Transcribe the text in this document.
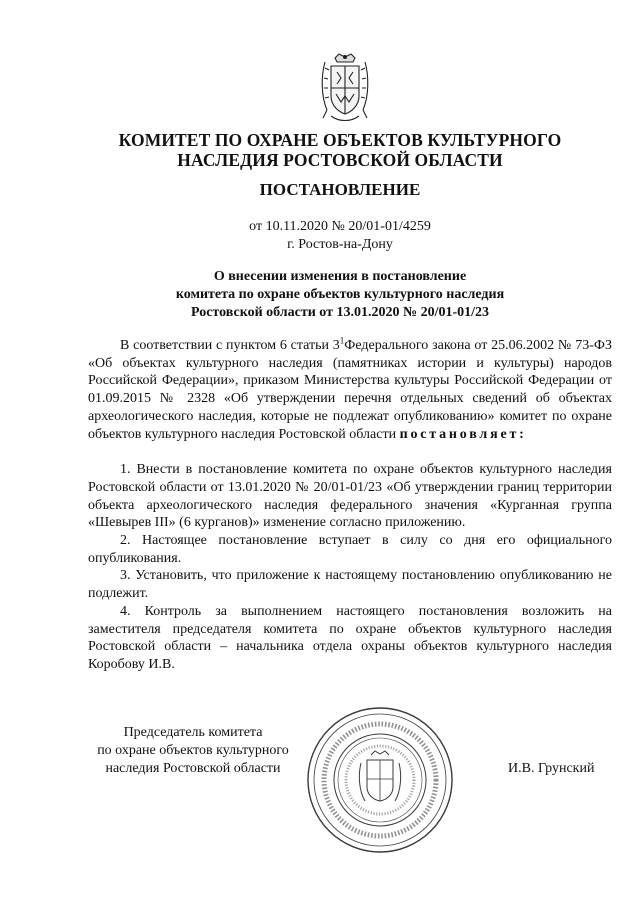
КОМИТЕТ ПО ОХРАНЕ ОБЪЕКТОВ КУЛЬТУРНОГО
НАСЛЕДИЯ РОСТОВСКОЙ ОБЛАСТИ
ПОСТАНОВЛЕНИЕ
от 10.11.2020 № 20/01-01/4259
г. Ростов-на-Дону
О внесении изменения в постановление
комитета по охране объектов культурного наследия
Ростовской области от 13.01.2020 № 20/01-01/23

В соответствии с пунктом 6 статьи $3^1Федерального$ закона от 25.06.2002 № 73-ФЗ «Об объектах культурного наследия (памятниках истории и культуры) народов Российской Федерации», приказом Министерства культуры Российской Федерации от 01.09.2015 № 2328 «Об утверждении перечня отдельных сведений об объектах археологического наследия, которые не подлежат опубликованию» комитет по охране объектов культурного наследия Ростовской области постановляет:

1. Внести в постановление комитета по охране объектов культурного наследия Ростовской области от 13.01.2020 № 20/01-01/23 «Об утверждении границ территории объекта археологического наследия федерального значения «Курганная группа «Шевырев III» (6 курганов)» изменение согласно приложению.

2. Настоящее постановление вступает в силу со дня его официального опубликования.

3. Установить, что приложение к настоящему постановлению опубликованию не подлежит.

4. Контроль за выполнением настоящего постановления возложить на заместителя председателя комитета по охране объектов культурного наследия Ростовской области – начальника отдела охраны объектов культурного наследия Коробову И.В.

Председатель комитета
по охране объектов культурного
наследия Ростовской области	И.В. Грунский
